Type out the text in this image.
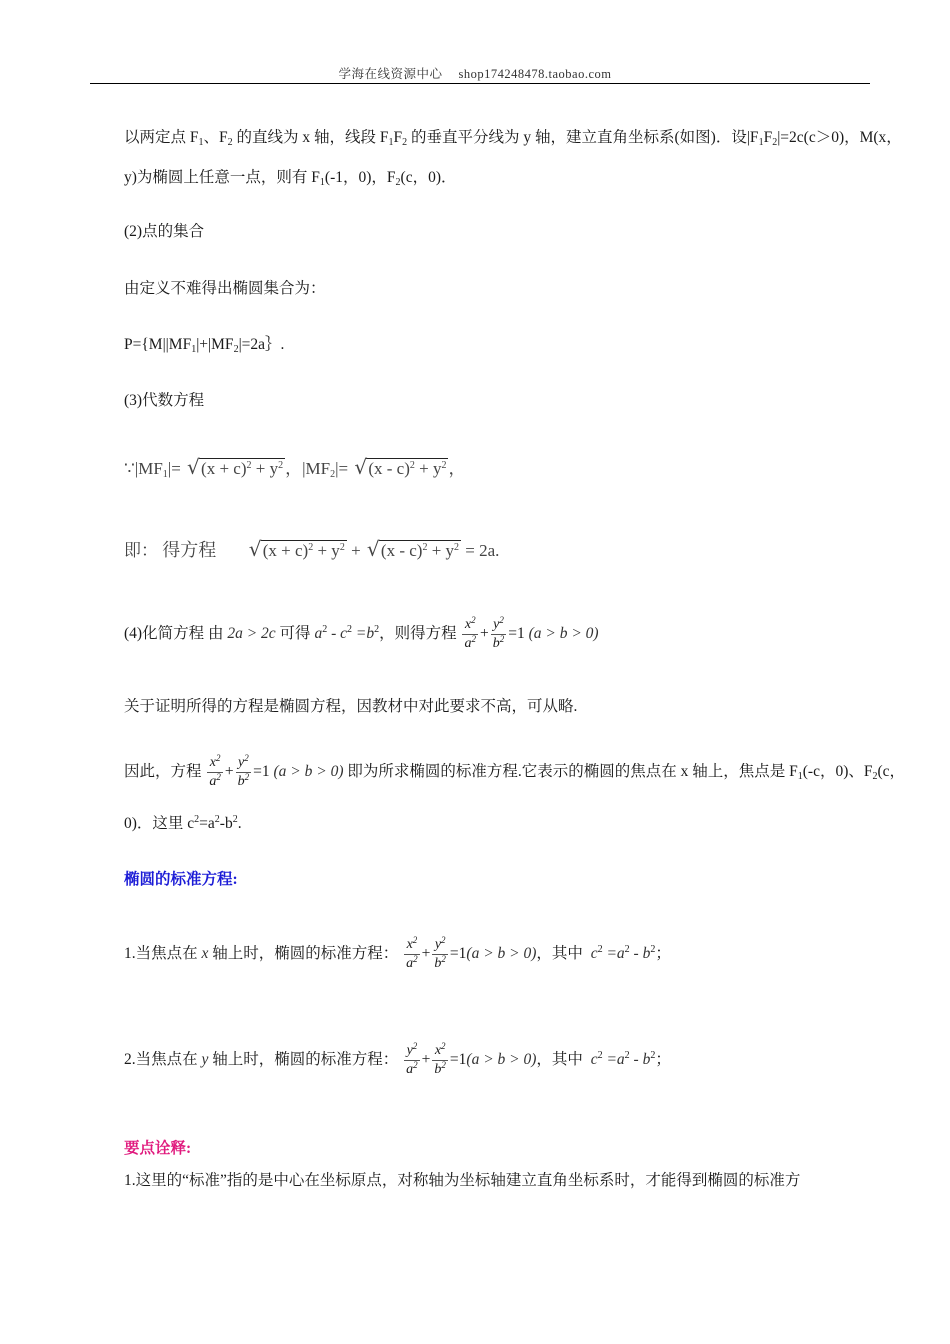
学海在线资源中心 shop174248478.taobao.com
以两定点 $F_1$、$F_2$ 的直线为 x 轴，线段 $F_1F_2$ 的垂直平分线为 y 轴，建立直角坐标系(如图)．设$|F_1F_2|=2c(c>0)$，M(x，y)为椭圆上任意一点，则有 $F_1(-1$，0)，$F_2(c$，0)．
(2)点的集合
由定义不难得出椭圆集合为：
$P=\{M||MF_1|+|MF_2|=2a\}$.
(3)代数方程
$\because|MF_1|=$ √ $(x + c)^2 + y^2$ ，$|MF_2|=$ √ $(x - c)^2 + y^2$ ，
即： 得方程	√ $(x + c)^2 + y^2$ + √ $(x - c)^2 + y^2 = 2a$.
(4)化简方程 由 2a > 2c 可得 $a^2 - c^2 =b^2$，则得方程 $\frac{x^2}{a^2} + \frac{y^2}{b^2} =1$ (a > b > 0)
关于证明所得的方程是椭圆方程，因教材中对此要求不高，可从略.
因此，方程 $\frac{x^2}{a^2} + \frac{y^2}{b^2} =1$ (a > b > 0) 即为所求椭圆的标准方程.它表示的椭圆的焦点在 x 轴上，焦点是 $F_1(-c$，0)、$F_2(c$，0)．这里 $c^2=a^2-b^2$.
椭圆的标准方程:
1.当焦点在 x 轴上时，椭圆的标准方程： $\frac{x^2}{a^2} + \frac{y^2}{b^2} =1(a > b > 0)$，其中 $c^2 =a^2 - b^2$；
2.当焦点在 y 轴上时，椭圆的标准方程： $\frac{y^2}{a^2} + \frac{x^2}{b^2} =1(a > b > 0)$，其中 $c^2 =a^2 - b^2$；
要点诠释:
1.这里的“标准”指的是中心在坐标原点，对称轴为坐标轴建立直角坐标系时，才能得到椭圆的标准方
